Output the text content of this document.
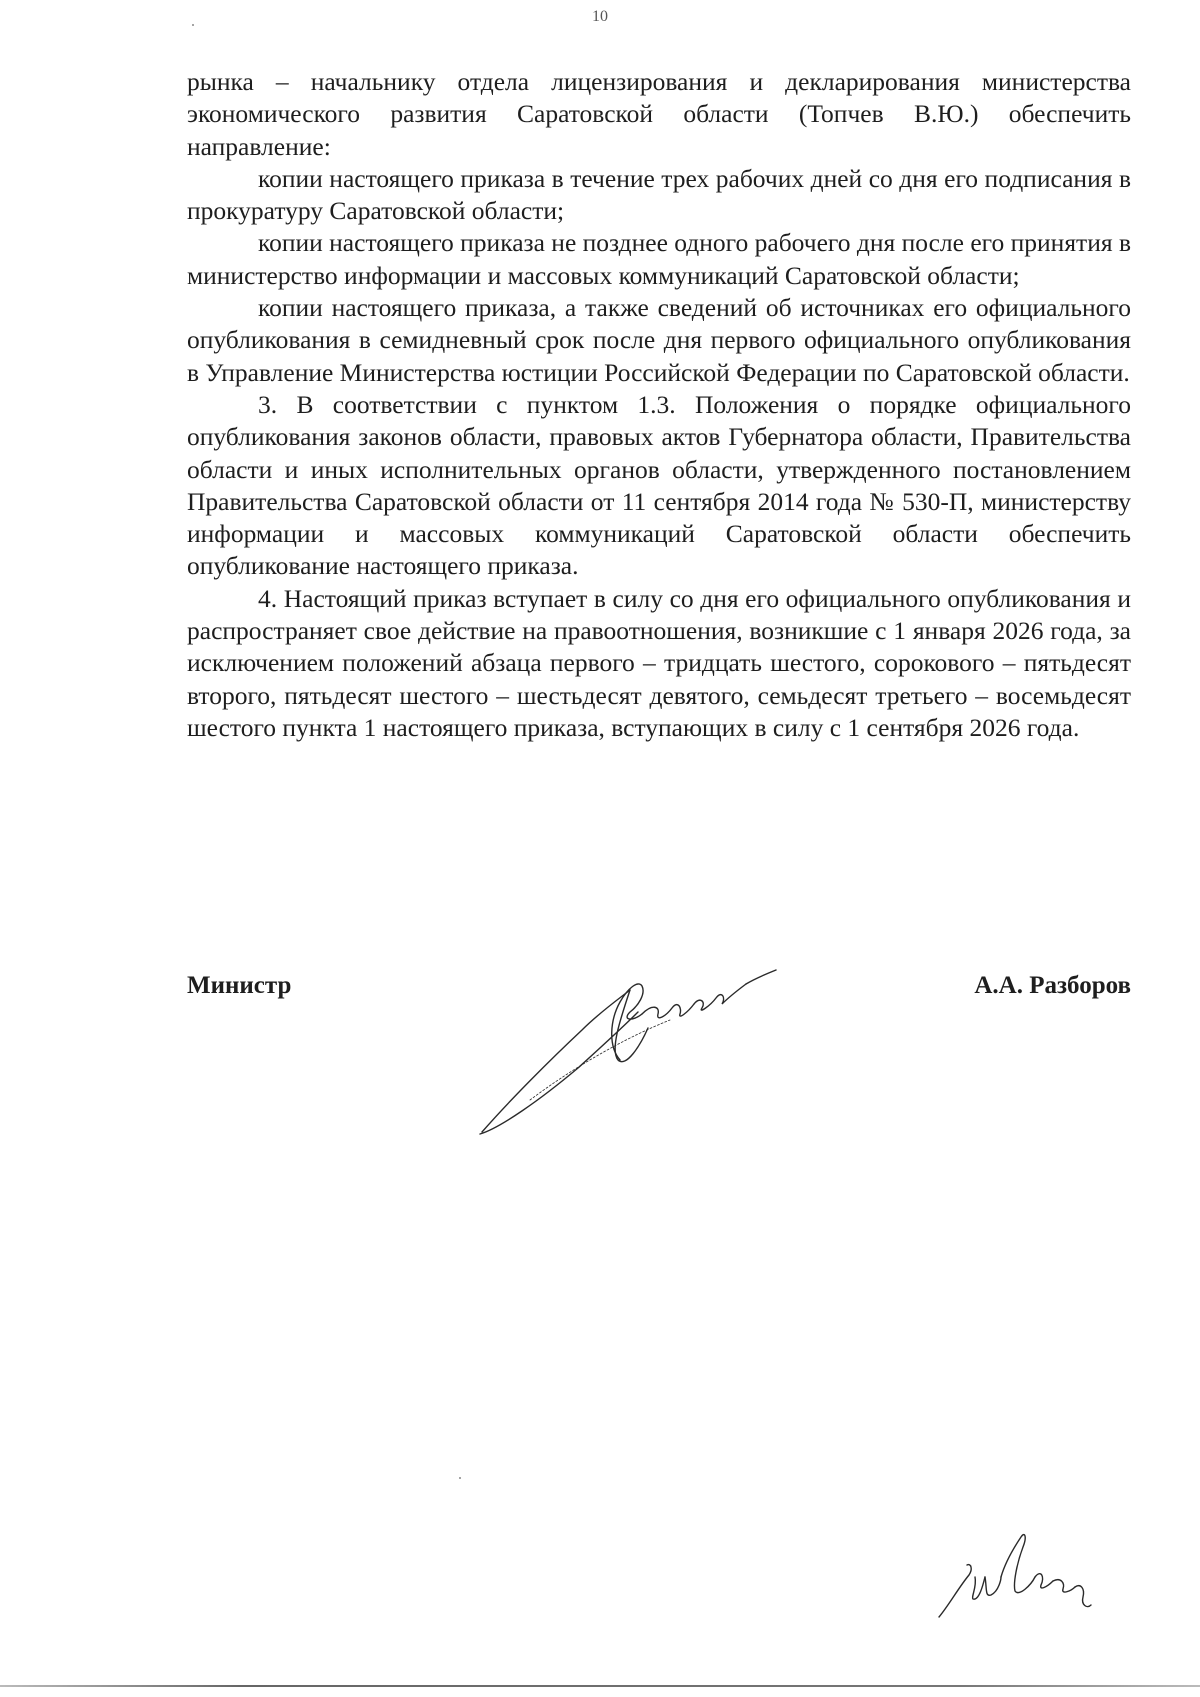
10

рынка – начальнику отдела лицензирования и декларирования министерства экономического развития Саратовской области (Топчев В.Ю.) обеспечить направление:

копии настоящего приказа в течение трех рабочих дней со дня его подписания в прокуратуру Саратовской области;

копии настоящего приказа не позднее одного рабочего дня после его принятия в министерство информации и массовых коммуникаций Саратовской области;

копии настоящего приказа, а также сведений об источниках его официального опубликования в семидневный срок после дня первого официального опубликования в Управление Министерства юстиции Российской Федерации по Саратовской области.

3. В соответствии с пунктом 1.3. Положения о порядке официального опубликования законов области, правовых актов Губернатора области, Правительства области и иных исполнительных органов области, утвержденного постановлением Правительства Саратовской области от 11 сентября 2014 года № 530-П, министерству информации и массовых коммуникаций Саратовской области обеспечить опубликование настоящего приказа.

4. Настоящий приказ вступает в силу со дня его официального опубликования и распространяет свое действие на правоотношения, возникшие с 1 января 2026 года, за исключением положений абзаца первого – тридцать шестого, сорокового – пятьдесят второго, пятьдесят шестого – шестьдесят девятого, семьдесят третьего – восемьдесят шестого пункта 1 настоящего приказа, вступающих в силу с 1 сентября 2026 года.

Министр	А.А. Разборов
